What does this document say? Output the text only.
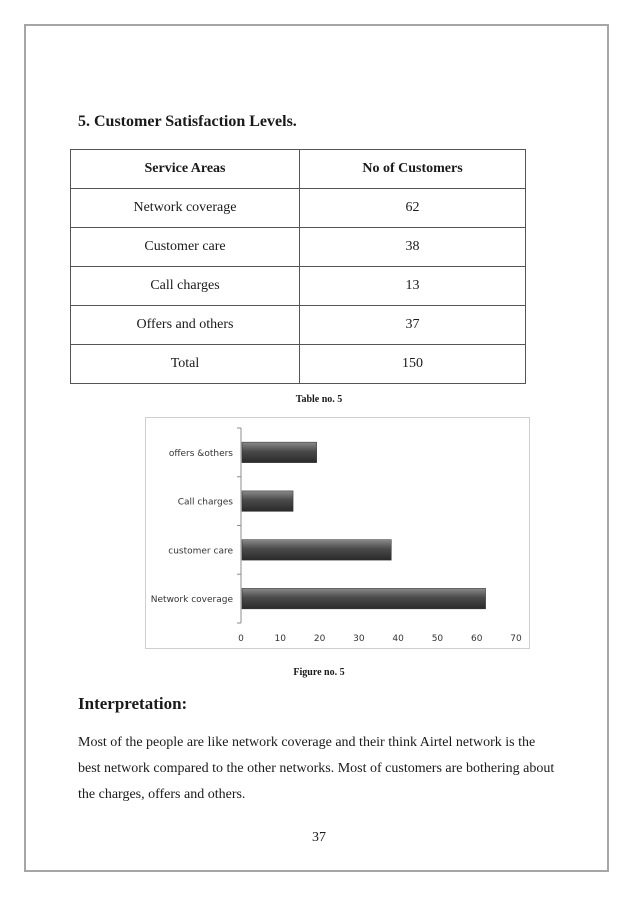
5. Customer Satisfaction Levels.
Service Areas	No of Customers
Network coverage	62
Customer care	38
Call charges	13
Offers and others	37
Total	150
Table no. 5
Network coverage
customer care
Call charges
offers &others
0	10	20	30	40	50	60	70
Figure no. 5
Interpretation:

Most of the people are like network coverage and their think Airtel network is the best network compared to the other networks. Most of customers are bothering about the charges, offers and others.

37
